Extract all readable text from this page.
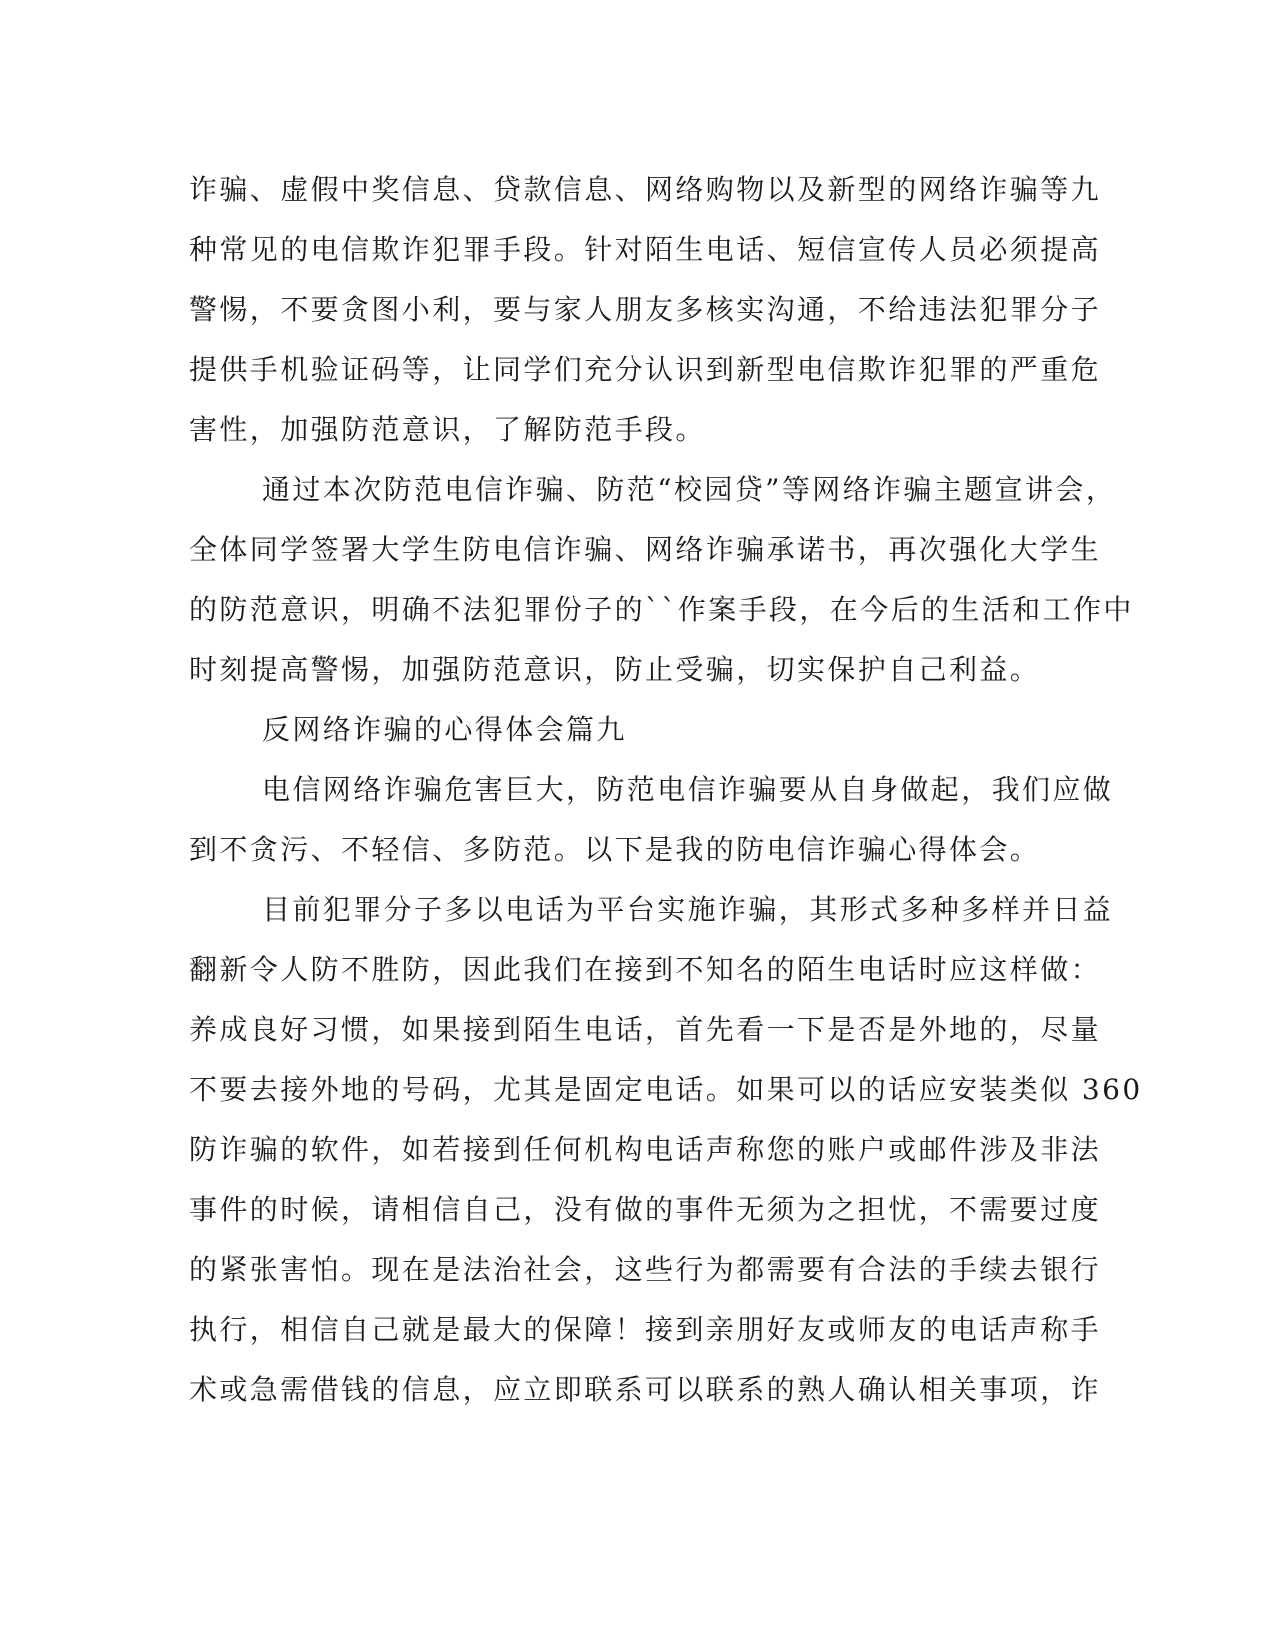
诈骗、虚假中奖信息、贷款信息、网络购物以及新型的网络诈骗等九
种常见的电信欺诈犯罪手段。针对陌生电话、短信宣传人员必须提高
警惕，不要贪图小利，要与家人朋友多核实沟通，不给违法犯罪分子
提供手机验证码等，让同学们充分认识到新型电信欺诈犯罪的严重危
害性，加强防范意识，了解防范手段。
通过本次防范电信诈骗、防范“校园贷”等网络诈骗主题宣讲会，
全体同学签署大学生防电信诈骗、网络诈骗承诺书，再次强化大学生
的防范意识，明确不法犯罪份子的``作案手段，在今后的生活和工作中
时刻提高警惕，加强防范意识，防止受骗，切实保护自己利益。
反网络诈骗的心得体会篇九
电信网络诈骗危害巨大，防范电信诈骗要从自身做起，我们应做
到不贪污、不轻信、多防范。以下是我的防电信诈骗心得体会。
目前犯罪分子多以电话为平台实施诈骗，其形式多种多样并日益
翻新令人防不胜防，因此我们在接到不知名的陌生电话时应这样做：
养成良好习惯，如果接到陌生电话，首先看一下是否是外地的，尽量
不要去接外地的号码，尤其是固定电话。如果可以的话应安装类似 360
防诈骗的软件，如若接到任何机构电话声称您的账户或邮件涉及非法
事件的时候，请相信自己，没有做的事件无须为之担忧，不需要过度
的紧张害怕。现在是法治社会，这些行为都需要有合法的手续去银行
执行，相信自己就是最大的保障！接到亲朋好友或师友的电话声称手
术或急需借钱的信息，应立即联系可以联系的熟人确认相关事项，诈
